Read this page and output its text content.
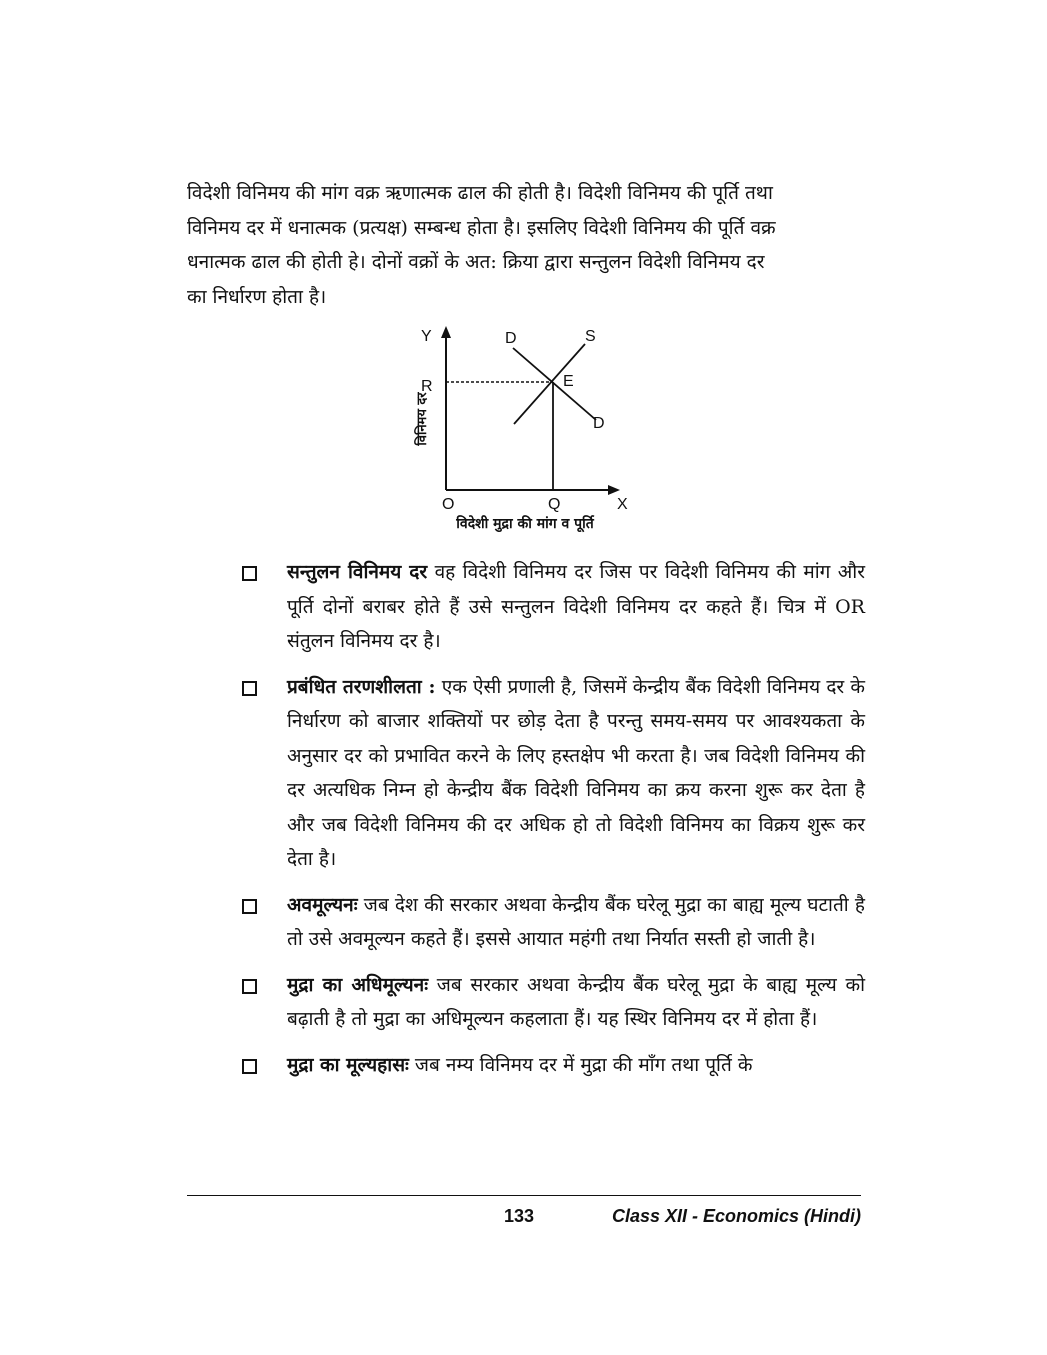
विदेशी विनिमय की मांग वक्र ऋणात्मक ढाल की होती है। विदेशी विनिमय की पूर्ति तथा
विनिमय दर में धनात्मक (प्रत्यक्ष) सम्बन्ध होता है। इसलिए विदेशी विनिमय की पूर्ति वक्र
धनात्मक ढाल की होती हे। दोनों वक्रों के अत: क्रिया द्वारा सन्तुलन विदेशी विनिमय दर
का निर्धारण होता है।
Y	D	S
E
R
D
O	Q	X
विनिमय दर
विदेशी मुद्रा की मांग व पूर्ति
सन्तुलन विनिमय दर वह विदेशी विनिमय दर जिस पर विदेशी विनिमय की मांग और पूर्ति दोनों बराबर होते हैं उसे सन्तुलन विदेशी विनिमय दर कहते हैं। चित्र में OR संतुलन विनिमय दर है।
प्रबंधित तरणशीलता : एक ऐसी प्रणाली है, जिसमें केन्द्रीय बैंक विदेशी विनिमय दर के निर्धारण को बाजार शक्तियों पर छोड़ देता है परन्तु समय-समय पर आवश्यकता के अनुसार दर को प्रभावित करने के लिए हस्तक्षेप भी करता है। जब विदेशी विनिमय की दर अत्यधिक निम्न हो केन्द्रीय बैंक विदेशी विनिमय का क्रय करना शुरू कर देता है और जब विदेशी विनिमय की दर अधिक हो तो विदेशी विनिमय का विक्रय शुरू कर देता है।
अवमूल्यनः जब देश की सरकार अथवा केन्द्रीय बैंक घरेलू मुद्रा का बाह्य मूल्य घटाती है तो उसे अवमूल्यन कहते हैं। इससे आयात महंगी तथा निर्यात सस्ती हो जाती है।
मुद्रा का अधिमूल्यनः जब सरकार अथवा केन्द्रीय बैंक घरेलू मुद्रा के बाह्य मूल्य को बढ़ाती है तो मुद्रा का अधिमूल्यन कहलाता हैं। यह स्थिर विनिमय दर में होता हैं।
मुद्रा का मूल्यहासः जब नम्य विनिमय दर में मुद्रा की माँग तथा पूर्ति के
133	Class XII - Economics (Hindi)
